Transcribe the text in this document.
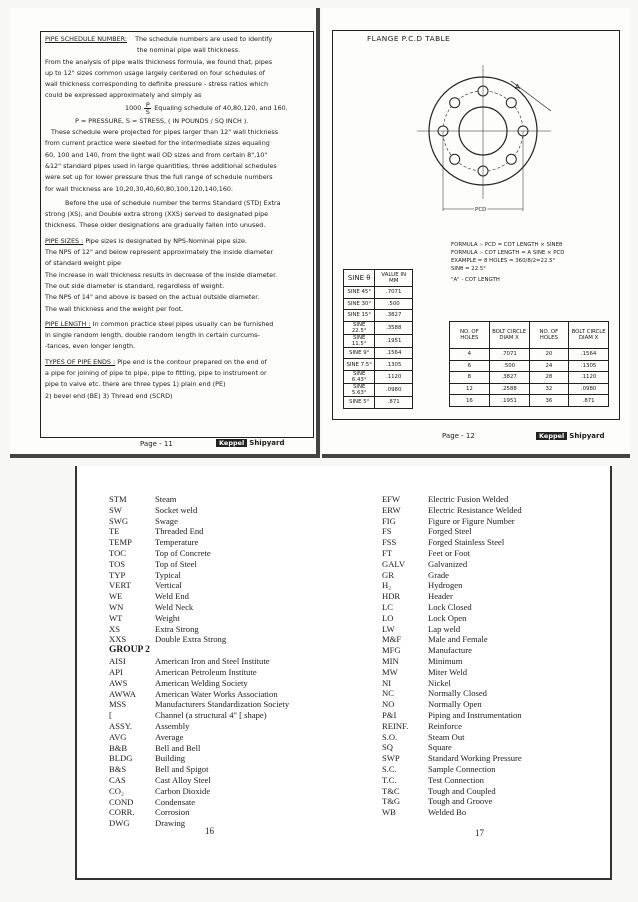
PIPE SCHEDULE NUMBER: The schedule numbers are used to identify

the nominal pipe wall thickness.

From the analysis of pipe walls thickness formula, we found that, pipes

up to 12" sizes common usage largely centered on four schedules of

wall thickness corresponding to definite pressure - stress ratios which

could be expressed approximately and simply as

1000 P
S
Equaling schedule of 40,80,120, and 160.

P = PRESSURE, S = STRESS, ( IN POUNDS / SQ INCH ).

These schedule were projected for pipes larger than 12" wall thickness

from current practice were sleeted for the intermediate sizes equaling

60, 100 and 140, from the light wall OD sizes and from certain 8",10"

&12" standard pipes used in large quantities, three additional schedules

were set up for lower pressure thus the full range of schedule numbers

for wall thickness are 10,20,30,40,60,80,100,120,140,160.

Before the use of schedule number the terms Standard (STD) Extra

strong (XS), and Double extra strong (XXS) served to designated pipe

thickness. These older designations are gradually fallen into unused.

PIPE SIZES : Pipe sizes is designated by NPS-Nominal pipe size.

The NPS of 12" and below represent approximately the inside diameter

of standard weight pipe

The increase in wall thickness results in decrease of the inside diameter.

The out side diameter is standard, regardless of weight.

The NPS of 14" and above is based on the actual outside diameter.

The wall thickness and the weight per foot.

PIPE LENGTH : In common practice steel pipes usually can be furnished

in single random length, double random length in certain curcums-

-tances, even longer length.

TYPES OF PIPE ENDS : Pipe end is the contour prepared on the end of

a pipe for joining of pipe to pipe, pipe to fitting, pipe to instrument or

pipe to valve etc. there are three types 1) plain end (PE)

2) bevel end (BE) 3) Thread end (SCRD)

Page - 11	Keppel Shipyard
FLANGE P.C.D TABLE
A
PCD
FORMULA :- PCD = COT LENGTH × SINEθ
FORMULA :- COT LENGTH = A SINE × PCD
EXAMPLE = 8 HOLES = 360/8/2=22.5°
SINθ = 22.5°
"A" - COT LENGTH
SINE θ	VALUE IN MM
SINE 45°	.7071
SINE 30°	.500
SINE 15°	.3827
SINE 22.5°	.3588
SINE 11.5°	.1951
SINE 9°	.1564
SINE 7.5°	.1305
SINE 6.43°	.1120
SINE 5.63°	.0980
SINE 5°	.871
NO. OF HOLES	BOLT CIRCLE DIAM X	NO. OF HOLES	BOLT CIRCLE DIAM X
4	.7071	20	.1564
6	.500	24	.1305
8	.3827	28	.1120
12	.2588	32	.0980
16	.1951	36	.871
Page - 12	Keppel Shipyard
STM	Steam
SW	Socket weld
SWG	Swage
TE	Threaded End
TEMP	Temperature
TOC	Top of Concrete
TOS	Top of Steel
TYP	Typical
VERT	Vertical
WE	Weld End
WN	Weld Neck
WT	Weight
XS	Extra Strong
XXS	Double Extra Strong
GROUP 2
AISI	American Iron and Steel Institute
API	American Petroleum Institute
AWS	American Welding Society
AWWA	American Water Works Association
MSS	Manufacturers Standardization Society
[	Channel (a structural 4" [ shape)
ASSY.	Assembly
AVG	Average
B&B	Bell and Bell
BLDG	Building
B&S	Bell and Spigot
CAS	Cast Alloy Steel
CO₂	Carbon Dioxide
COND	Condensate
CORR.	Corrosion
DWG	Drawing
EFW	Electric Fusion Welded
ERW	Electric Resistance Welded
FIG	Figure or Figure Number
FS	Forged Steel
FSS	Forged Stainless Steel
FT	Feet or Foot
GALV	Galvanized
GR	Grade
H₂	Hydrogen
HDR	Header
LC	Lock Closed
LO	Lock Open
LW	Lap weld
M&F	Male and Female
MFG	Manufacture
MIN	Minimum
MW	Miter Weld
NI	Nickel
NC	Normally Closed
NO	Normally Open
P&I	Piping and Instrumentation
REINF.	Reinforce
S.O.	Steam Out
SQ	Square
SWP	Standard Working Pressure
S.C.	Sample Connection
T.C.	Test Connection
T&C	Tough and Coupled
T&G	Tough and Groove
WB	Welded Bo
16	17
